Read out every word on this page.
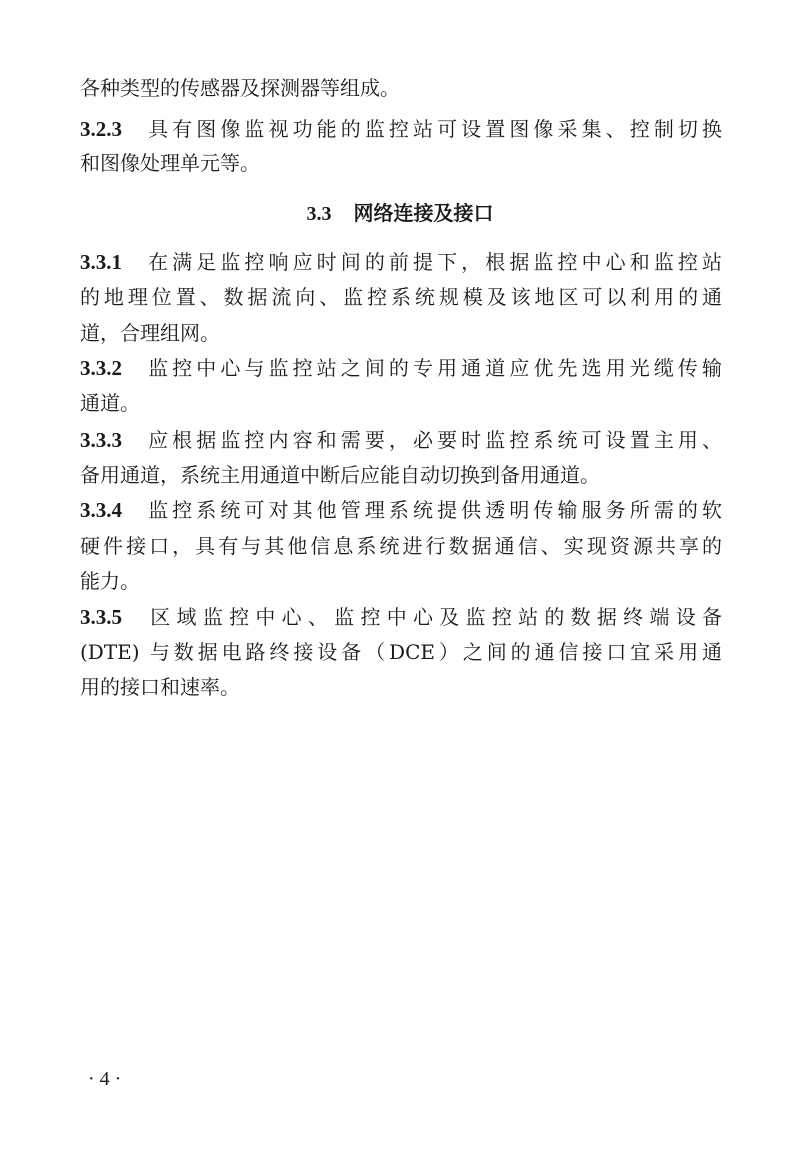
各种类型的传感器及探测器等组成。
3.2.3 具有图像监视功能的监控站可设置图像采集、控制切换
和图像处理单元等。
3.3 网络连接及接口
3.3.1 在满足监控响应时间的前提下，根据监控中心和监控站
的地理位置、数据流向、监控系统规模及该地区可以利用的通
道，合理组网。
3.3.2 监控中心与监控站之间的专用通道应优先选用光缆传输
通道。
3.3.3 应根据监控内容和需要，必要时监控系统可设置主用、
备用通道，系统主用通道中断后应能自动切换到备用通道。
3.3.4 监控系统可对其他管理系统提供透明传输服务所需的软
硬件接口，具有与其他信息系统进行数据通信、实现资源共享的
能力。
3.3.5 区域监控中心、监控中心及监控站的数据终端设备
(DTE) 与数据电路终接设备（DCE）之间的通信接口宜采用通
用的接口和速率。
· 4 ·
